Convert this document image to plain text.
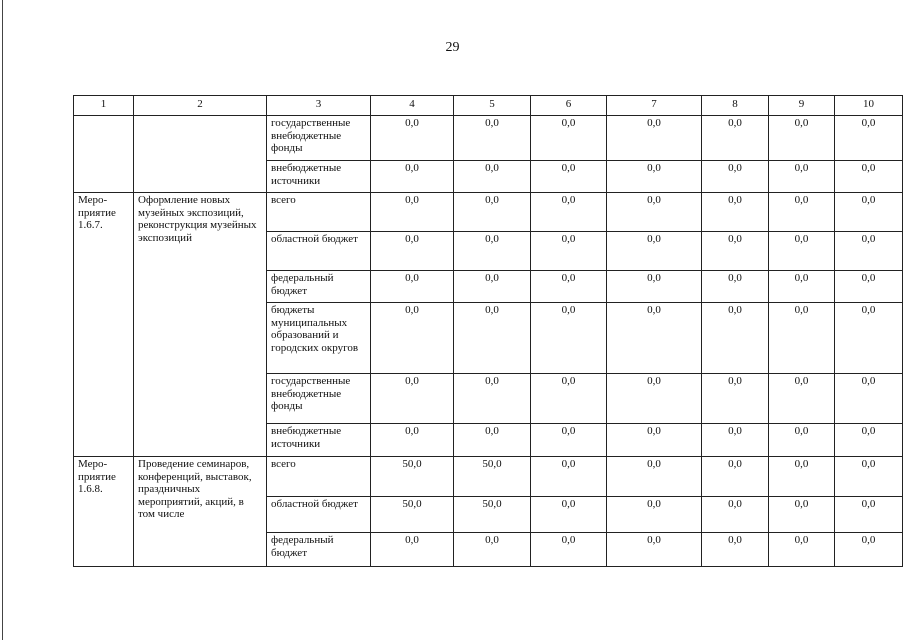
29
1	2	3	4	5	6	7	8	9	10
		государственные внебюджетные фонды	0,0	0,0	0,0	0,0	0,0	0,0	0,0
		внебюджетные источники	0,0	0,0	0,0	0,0	0,0	0,0	0,0
Меро-приятие 1.6.7.	Оформление новых музейных экспозиций, реконструкция музейных экспозиций	всего	0,0	0,0	0,0	0,0	0,0	0,0	0,0
		областной бюджет	0,0	0,0	0,0	0,0	0,0	0,0	0,0
		федеральный бюджет	0,0	0,0	0,0	0,0	0,0	0,0	0,0
		бюджеты муниципальных образований и городских округов	0,0	0,0	0,0	0,0	0,0	0,0	0,0
		государственные внебюджетные фонды	0,0	0,0	0,0	0,0	0,0	0,0	0,0
		внебюджетные источники	0,0	0,0	0,0	0,0	0,0	0,0	0,0
Меро-приятие 1.6.8.	Проведение семинаров, конференций, выставок, праздничных мероприятий, акций, в том числе	всего	50,0	50,0	0,0	0,0	0,0	0,0	0,0
		областной бюджет	50,0	50,0	0,0	0,0	0,0	0,0	0,0
		федеральный бюджет	0,0	0,0	0,0	0,0	0,0	0,0	0,0
